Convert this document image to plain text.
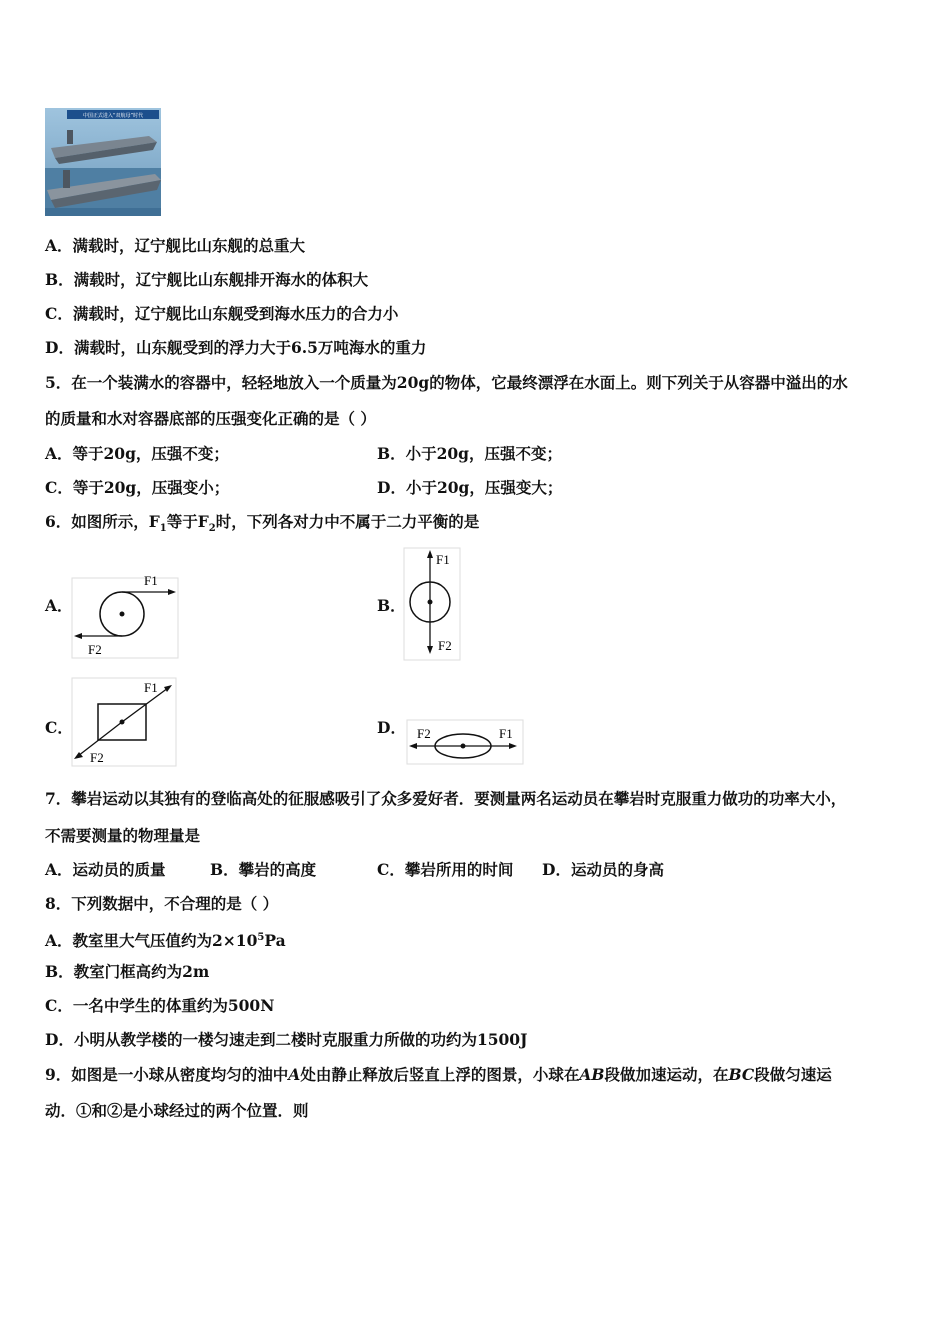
中国正式进入“双航母”时代
A．满载时，辽宁舰比山东舰的总重大
B．满载时，辽宁舰比山东舰排开海水的体积大
C．满载时，辽宁舰比山东舰受到海水压力的合力小
D．满载时，山东舰受到的浮力大于6.5万吨海水的重力
5．在一个装满水的容器中，轻轻地放入一个质量为20g的物体，它最终漂浮在水面上。则下列关于从容器中溢出的水
的质量和水对容器底部的压强变化正确的是（ ）
A．等于20g，压强不变；	B．小于20g，压强不变；
C．等于20g，压强变小；	D．小于20g，压强变大；
6．如图所示，$F_1$等于$F_2$时，下列各对力中不属于二力平衡的是
A．
F1
F2
B．
F1
F2
C．
F1
F2
D．	F1
F2
7．攀岩运动以其独有的登临高处的征服感吸引了众多爱好者．要测量两名运动员在攀岩时克服重力做功的功率大小，
不需要测量的物理量是
A．运动员的质量	B．攀岩的高度	C．攀岩所用的时间 D．运动员的身高
8．下列数据中，不合理的是（ ）
A．教室里大气压值约为$2\times 10^5Pa$
B．教室门框高约为2m
C．一名中学生的体重约为500N
D．小明从教学楼的一楼匀速走到二楼时克服重力所做的功约为1500J
9．如图是一小球从密度均匀的油中A处由静止释放后竖直上浮的图景，小球在AB段做加速运动，在BC段做匀速运
动．①和②是小球经过的两个位置．则
